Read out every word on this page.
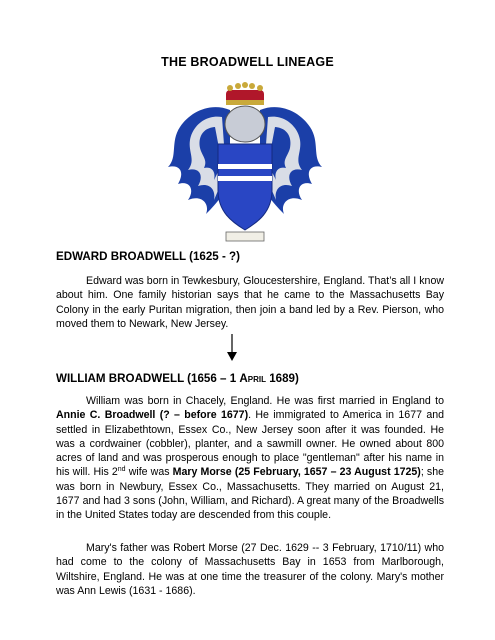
THE BROADWELL LINEAGE
EDWARD BROADWELL (1625 - ?)
Edward was born in Tewkesbury, Gloucestershire, England. That’s all I know about him. One family historian says that he came to the Massachusetts Bay Colony in the early Puritan migration, then join a band led by a Rev. Pierson, who moved them to Newark, New Jersey.
WILLIAM BROADWELL (1656 – 1 April 1689)
William was born in Chacely, England. He was first married in England to Annie C. Broadwell (? – before 1677). He immigrated to America in 1677 and settled in Elizabethtown, Essex Co., New Jersey soon after it was founded. He was a cordwainer (cobbler), planter, and a sawmill owner. He owned about 800 acres of land and was prosperous enough to place "gentleman" after his name in his will. His 2nd wife was Mary Morse (25 February, 1657 – 23 August 1725); she was born in Newbury, Essex Co., Massachusetts. They married on August 21, 1677 and had 3 sons (John, William, and Richard). A great many of the Broadwells in the United States today are descended from this couple.
Mary's father was Robert Morse (27 Dec. 1629 -- 3 February, 1710/11) who had come to the colony of Massachusetts Bay in 1653 from Marlborough, Wiltshire, England. He was at one time the treasurer of the colony. Mary's mother was Ann Lewis (1631 - 1686).
